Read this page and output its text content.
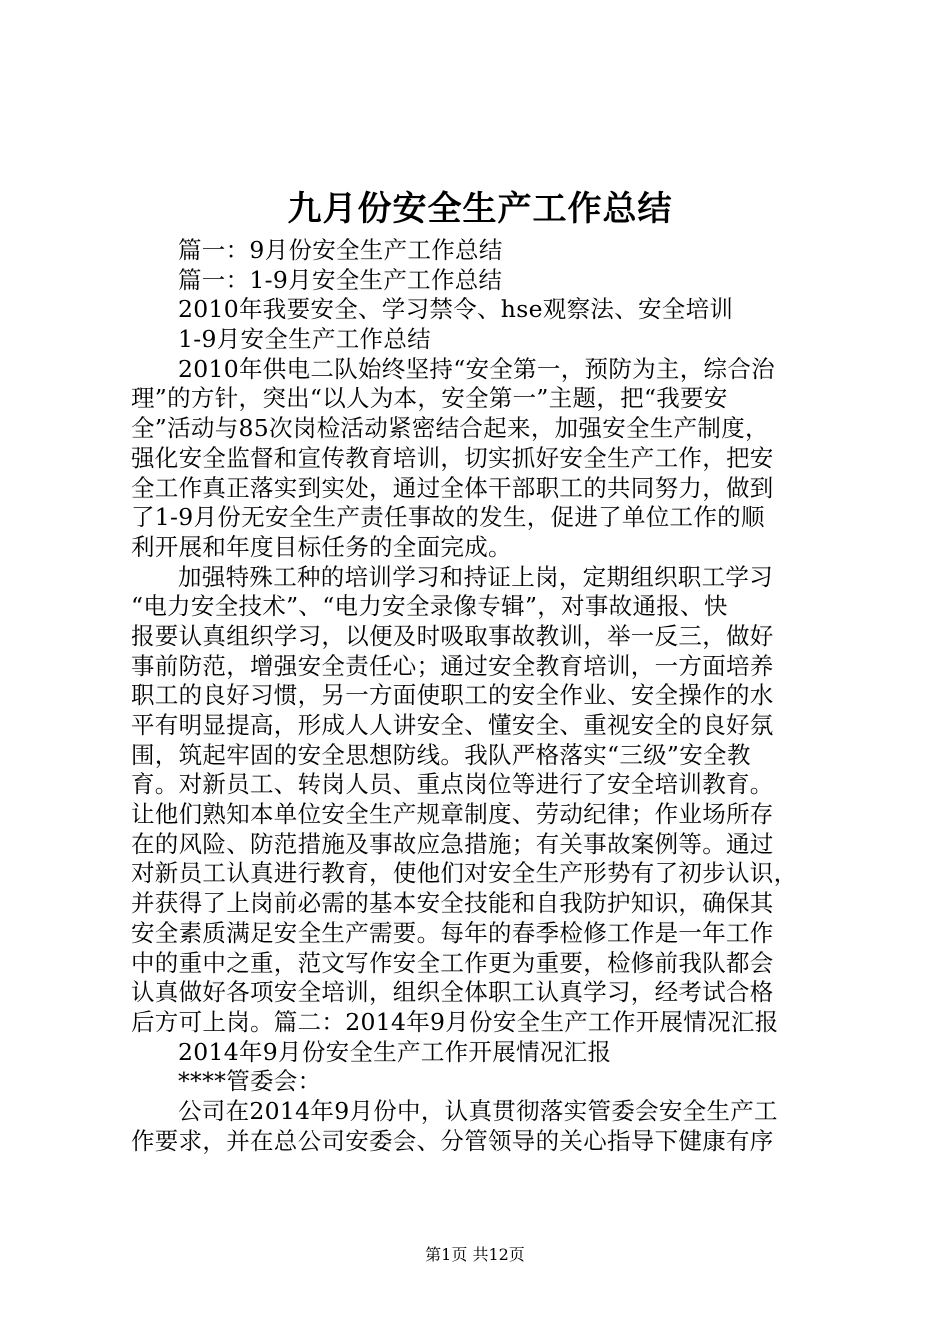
九月份安全生产工作总结
篇一：9月份安全生产工作总结
篇一：1-9月安全生产工作总结
2010年我要安全、学习禁令、hse观察法、安全培训
1-9月安全生产工作总结
2010年供电二队始终坚持“安全第一，预防为主，综合治
理”的方针，突出“以人为本，安全第一”主题，把“我要安
全”活动与85次岗检活动紧密结合起来，加强安全生产制度，
强化安全监督和宣传教育培训，切实抓好安全生产工作，把安
全工作真正落实到实处，通过全体干部职工的共同努力，做到
了1-9月份无安全生产责任事故的发生，促进了单位工作的顺
利开展和年度目标任务的全面完成。
加强特殊工种的培训学习和持证上岗，定期组织职工学习
“电力安全技术”、“电力安全录像专辑”，对事故通报、快
报要认真组织学习，以便及时吸取事故教训，举一反三，做好
事前防范，增强安全责任心；通过安全教育培训，一方面培养
职工的良好习惯，另一方面使职工的安全作业、安全操作的水
平有明显提高，形成人人讲安全、懂安全、重视安全的良好氛
围，筑起牢固的安全思想防线。我队严格落实“三级”安全教
育。对新员工、转岗人员、重点岗位等进行了安全培训教育。
让他们熟知本单位安全生产规章制度、劳动纪律；作业场所存
在的风险、防范措施及事故应急措施；有关事故案例等。通过
对新员工认真进行教育，使他们对安全生产形势有了初步认识，
并获得了上岗前必需的基本安全技能和自我防护知识，确保其
安全素质满足安全生产需要。每年的春季检修工作是一年工作
中的重中之重，范文写作安全工作更为重要，检修前我队都会
认真做好各项安全培训，组织全体职工认真学习，经考试合格
后方可上岗。篇二：2014年9月份安全生产工作开展情况汇报
2014年9月份安全生产工作开展情况汇报
****管委会：
公司在2014年9月份中，认真贯彻落实管委会安全生产工
作要求，并在总公司安委会、分管领导的关心指导下健康有序
第1页 共12页
